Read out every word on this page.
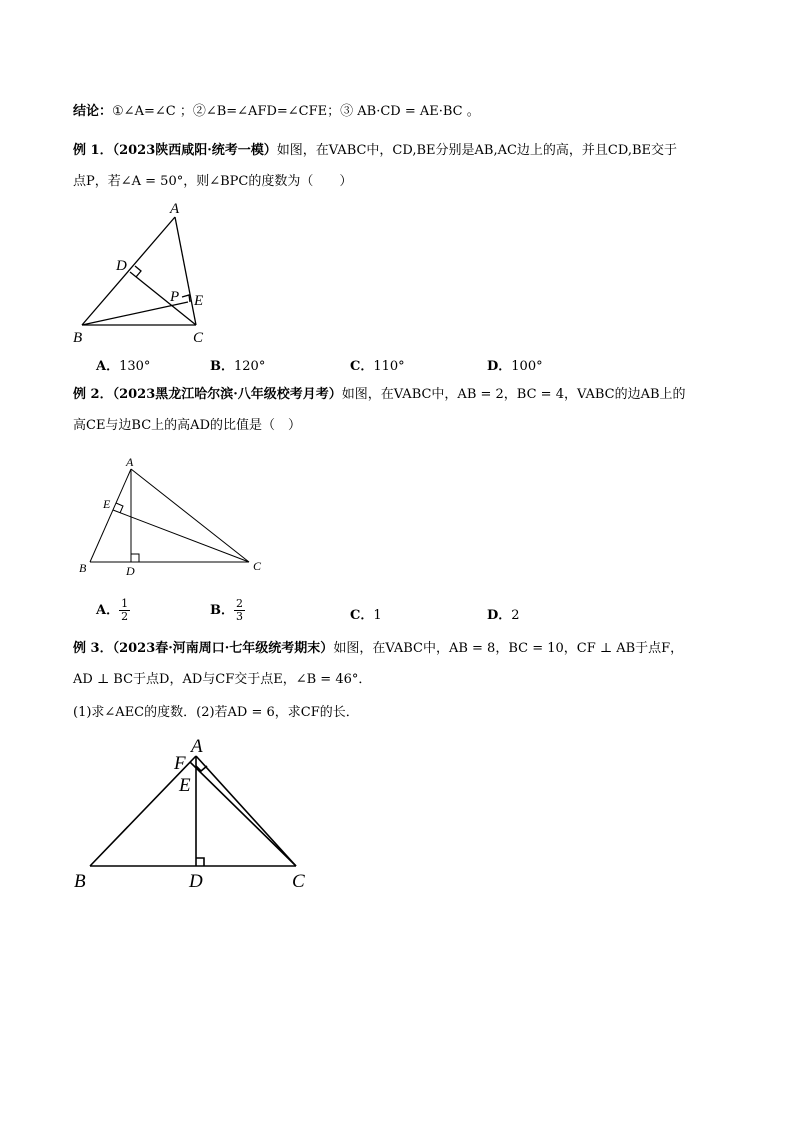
结论：①∠A=∠C ；②∠B=∠AFD=∠CFE；③ AB·CD = AE·BC 。
例 1．（2023陕西咸阳·统考一模）如图，在VABC中，CD,BE分别是AB,AC边上的高，并且CD,BE交于
点P，若∠A = 50°，则∠BPC的度数为（　　）
A
B	C
D
E
P
A．130°	B．120°	C．110°	D．100°
例 2．（2023黑龙江哈尔滨·八年级校考月考）如图，在VABC中，AB = 2，BC = 4，VABC的边AB上的
高CE与边BC上的高AD的比值是（　）
A
B	C
D
E
A． $\frac{1}{2}$	B． $\frac{2}{3}$	C．1	D．2
例 3．（2023春·河南周口·七年级统考期末）如图，在VABC中，AB = 8，BC = 10，CF ⊥ AB于点F，
AD ⊥ BC于点D，AD与CF交于点E，∠B = 46°．
(1)求∠AEC的度数．(2)若AD = 6，求CF的长．
A
B	C
D
E
F
